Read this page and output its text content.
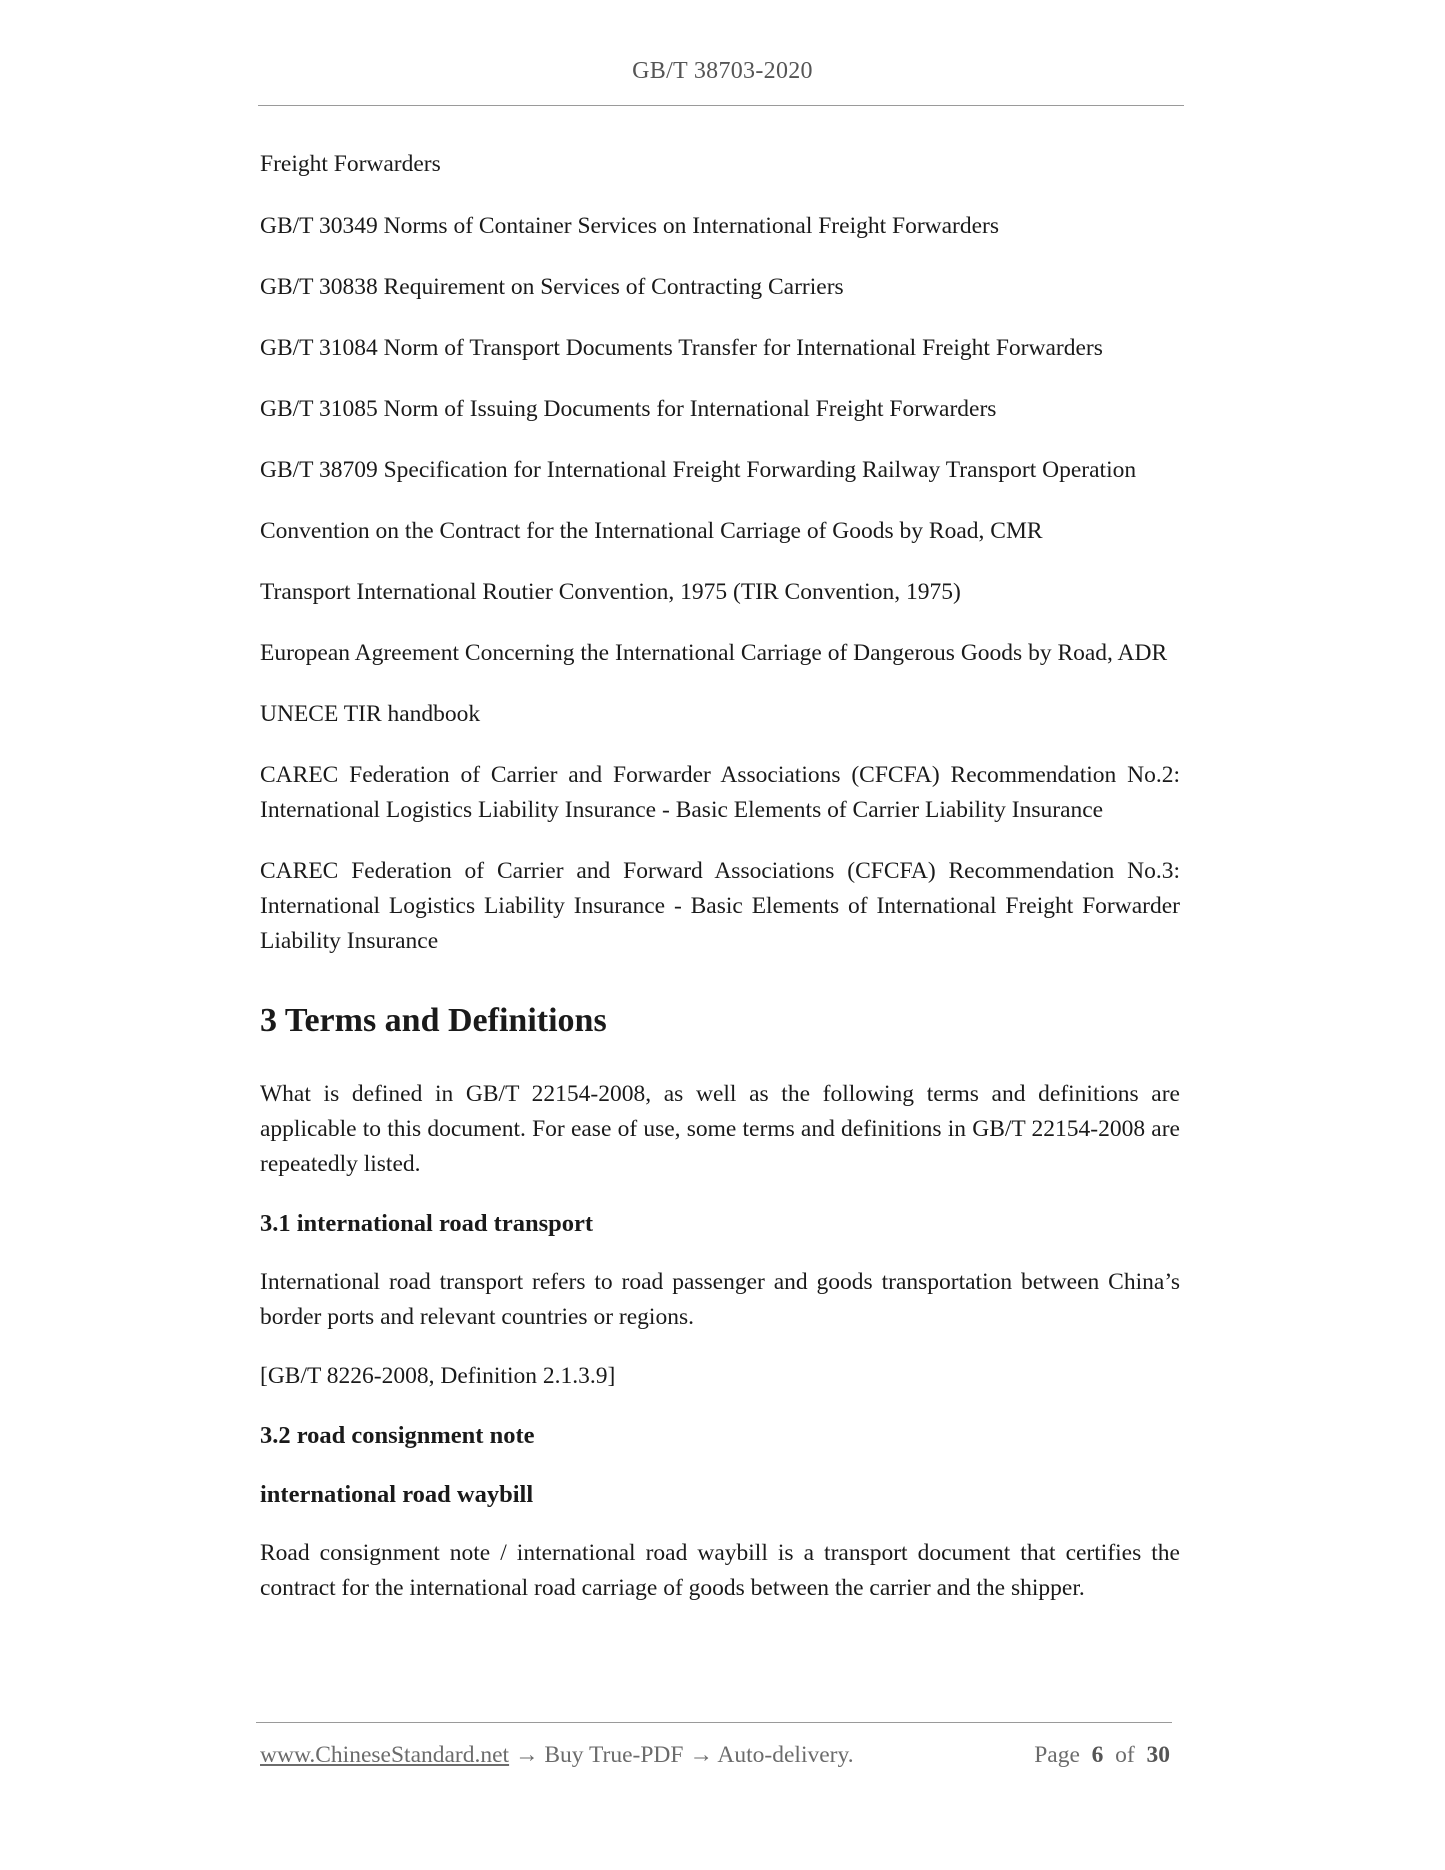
GB/T 38703-2020

Freight Forwarders

GB/T 30349 Norms of Container Services on International Freight Forwarders

GB/T 30838 Requirement on Services of Contracting Carriers

GB/T 31084 Norm of Transport Documents Transfer for International Freight Forwarders

GB/T 31085 Norm of Issuing Documents for International Freight Forwarders

GB/T 38709 Specification for International Freight Forwarding Railway Transport Operation

Convention on the Contract for the International Carriage of Goods by Road, CMR

Transport International Routier Convention, 1975 (TIR Convention, 1975)

European Agreement Concerning the International Carriage of Dangerous Goods by Road, ADR

UNECE TIR handbook

CAREC Federation of Carrier and Forwarder Associations (CFCFA) Recommendation No.2: International Logistics Liability Insurance - Basic Elements of Carrier Liability Insurance

CAREC Federation of Carrier and Forward Associations (CFCFA) Recommendation No.3: International Logistics Liability Insurance - Basic Elements of International Freight Forwarder Liability Insurance

3 Terms and Definitions

What is defined in GB/T 22154-2008, as well as the following terms and definitions are applicable to this document. For ease of use, some terms and definitions in GB/T 22154-2008 are repeatedly listed.

3.1 international road transport

International road transport refers to road passenger and goods transportation between China’s border ports and relevant countries or regions.

[GB/T 8226-2008, Definition 2.1.3.9]

3.2 road consignment note
international road waybill

Road consignment note / international road waybill is a transport document that certifies the contract for the international road carriage of goods between the carrier and the shipper.

www.ChineseStandard.net → Buy True-PDF → Auto-delivery.	Page 6 of 30
